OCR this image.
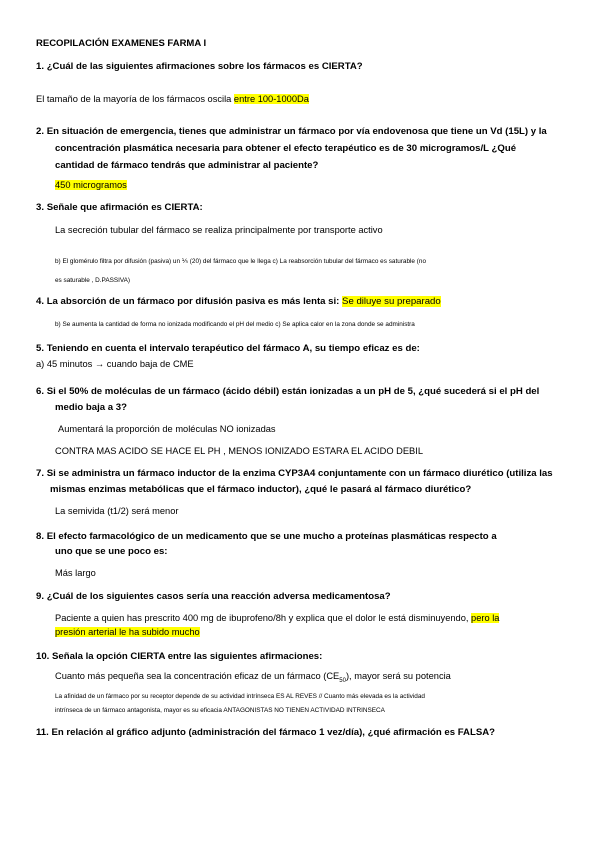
RECOPILACIÓN EXAMENES FARMA I
1. ¿Cuál de las siguientes afirmaciones sobre los fármacos es CIERTA?
El tamaño de la mayoría de los fármacos oscila entre 100-1000Da
2. En situación de emergencia, tienes que administrar un fármaco por vía endovenosa que tiene un Vd (15L) y la
concentración plasmática necesaria para obtener el efecto terapéutico es de 30 microgramos/L ¿Qué
cantidad de fármaco tendrás que administrar al paciente?
450 microgramos
3. Señale que afirmación es CIERTA:
La secreción tubular del fármaco se realiza principalmente por transporte activo
b) El glomérulo filtra por difusión (pasiva) un ⅕ (20) del fármaco que le llega c) La reabsorción tubular del fármaco es saturable (no
es saturable , D.PASSIVA)
4. La absorción de un fármaco por difusión pasiva es más lenta si: Se diluye su preparado
b) Se aumenta la cantidad de forma no ionizada modificando el pH del medio c) Se aplica calor en la zona donde se administra
5. Teniendo en cuenta el intervalo terapéutico del fármaco A, su tiempo eficaz es de:
a) 45 minutos → cuando baja de CME
6. Si el 50% de moléculas de un fármaco (ácido débil) están ionizadas a un pH de 5, ¿qué sucederá si el pH del
medio baja a 3?
Aumentará la proporción de moléculas NO ionizadas
CONTRA MAS ACIDO SE HACE EL PH , MENOS IONIZADO ESTARA EL ACIDO DEBIL
7. Si se administra un fármaco inductor de la enzima CYP3A4 conjuntamente con un fármaco diurético (utiliza las
mismas enzimas metabólicas que el fármaco inductor), ¿qué le pasará al fármaco diurético?
La semivida (t1/2) será menor
8. El efecto farmacológico de un medicamento que se une mucho a proteínas plasmáticas respecto a
uno que se une poco es:
Más largo
9. ¿Cuál de los siguientes casos sería una reacción adversa medicamentosa?
Paciente a quien has prescrito 400 mg de ibuprofeno/8h y explica que el dolor le está disminuyendo, pero la
presión arterial le ha subido mucho
10. Señala la opción CIERTA entre las siguientes afirmaciones:
Cuanto más pequeña sea la concentración eficaz de un fármaco $(CE_{50})$, mayor será su potencia
La afinidad de un fármaco por su receptor depende de su actividad intrínseca ES AL REVES // Cuanto más elevada es la actividad
intrínseca de un fármaco antagonista, mayor es su eficacia ANTAGONISTAS NO TIENEN ACTIVIDAD INTRINSECA
11. En relación al gráfico adjunto (administración del fármaco 1 vez/día), ¿qué afirmación es FALSA?
